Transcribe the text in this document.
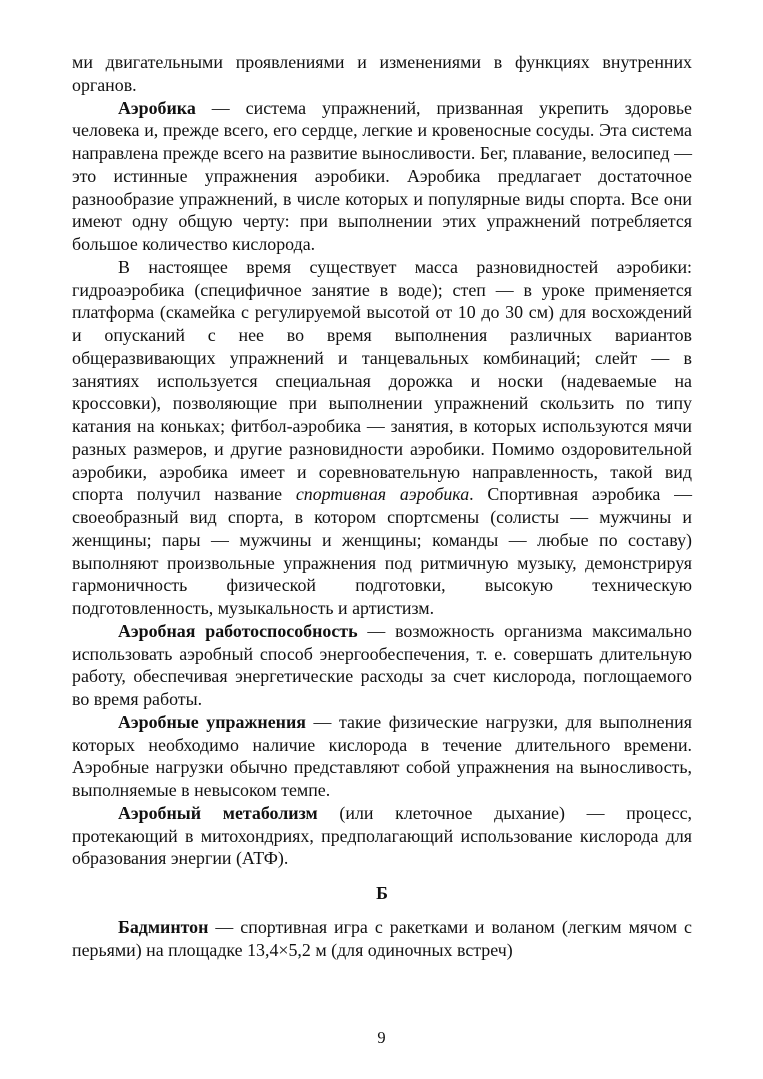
ми двигательными проявлениями и изменениями в функциях внутренних органов.

Аэробика — система упражнений, призванная укрепить здоровье человека и, прежде всего, его сердце, легкие и кровеносные сосуды. Эта система направлена прежде всего на развитие выносливости. Бег, плавание, велосипед — это истинные упражнения аэробики. Аэробика предлагает достаточное разнообразие упражнений, в числе которых и популярные виды спорта. Все они имеют одну общую черту: при выполнении этих упражнений потребляется большое количество кислорода.

В настоящее время существует масса разновидностей аэробики: гидроаэробика (специфичное занятие в воде); степ — в уроке применяется платформа (скамейка с регулируемой высотой от 10 до 30 см) для восхождений и опусканий с нее во время выполнения различных вариантов общеразвивающих упражнений и танцевальных комбинаций; слейт — в занятиях используется специальная дорожка и носки (надеваемые на кроссовки), позволяющие при выполнении упражнений скользить по типу катания на коньках; фитбол-аэробика — занятия, в которых используются мячи разных размеров, и другие разновидности аэробики. Помимо оздоровительной аэробики, аэробика имеет и соревновательную направленность, такой вид спорта получил название спортивная аэробика. Спортивная аэробика — своеобразный вид спорта, в котором спортсмены (солисты — мужчины и женщины; пары — мужчины и женщины; команды — любые по составу) выполняют произвольные упражнения под ритмичную музыку, демонстрируя гармоничность физической подготовки, высокую техническую подготовленность, музыкальность и артистизм.

Аэробная работоспособность — возможность организма максимально использовать аэробный способ энергообеспечения, т. е. совершать длительную работу, обеспечивая энергетические расходы за счет кислорода, поглощаемого во время работы.

Аэробные упражнения — такие физические нагрузки, для выполнения которых необходимо наличие кислорода в течение длительного времени. Аэробные нагрузки обычно представляют собой упражнения на выносливость, выполняемые в невысоком темпе.

Аэробный метаболизм (или клеточное дыхание) — процесс, протекающий в митохондриях, предполагающий использование кислорода для образования энергии (АТФ).

Б

Бадминтон — спортивная игра с ракетками и воланом (легким мячом с перьями) на площадке 13,4×5,2 м (для одиночных встреч)

9
